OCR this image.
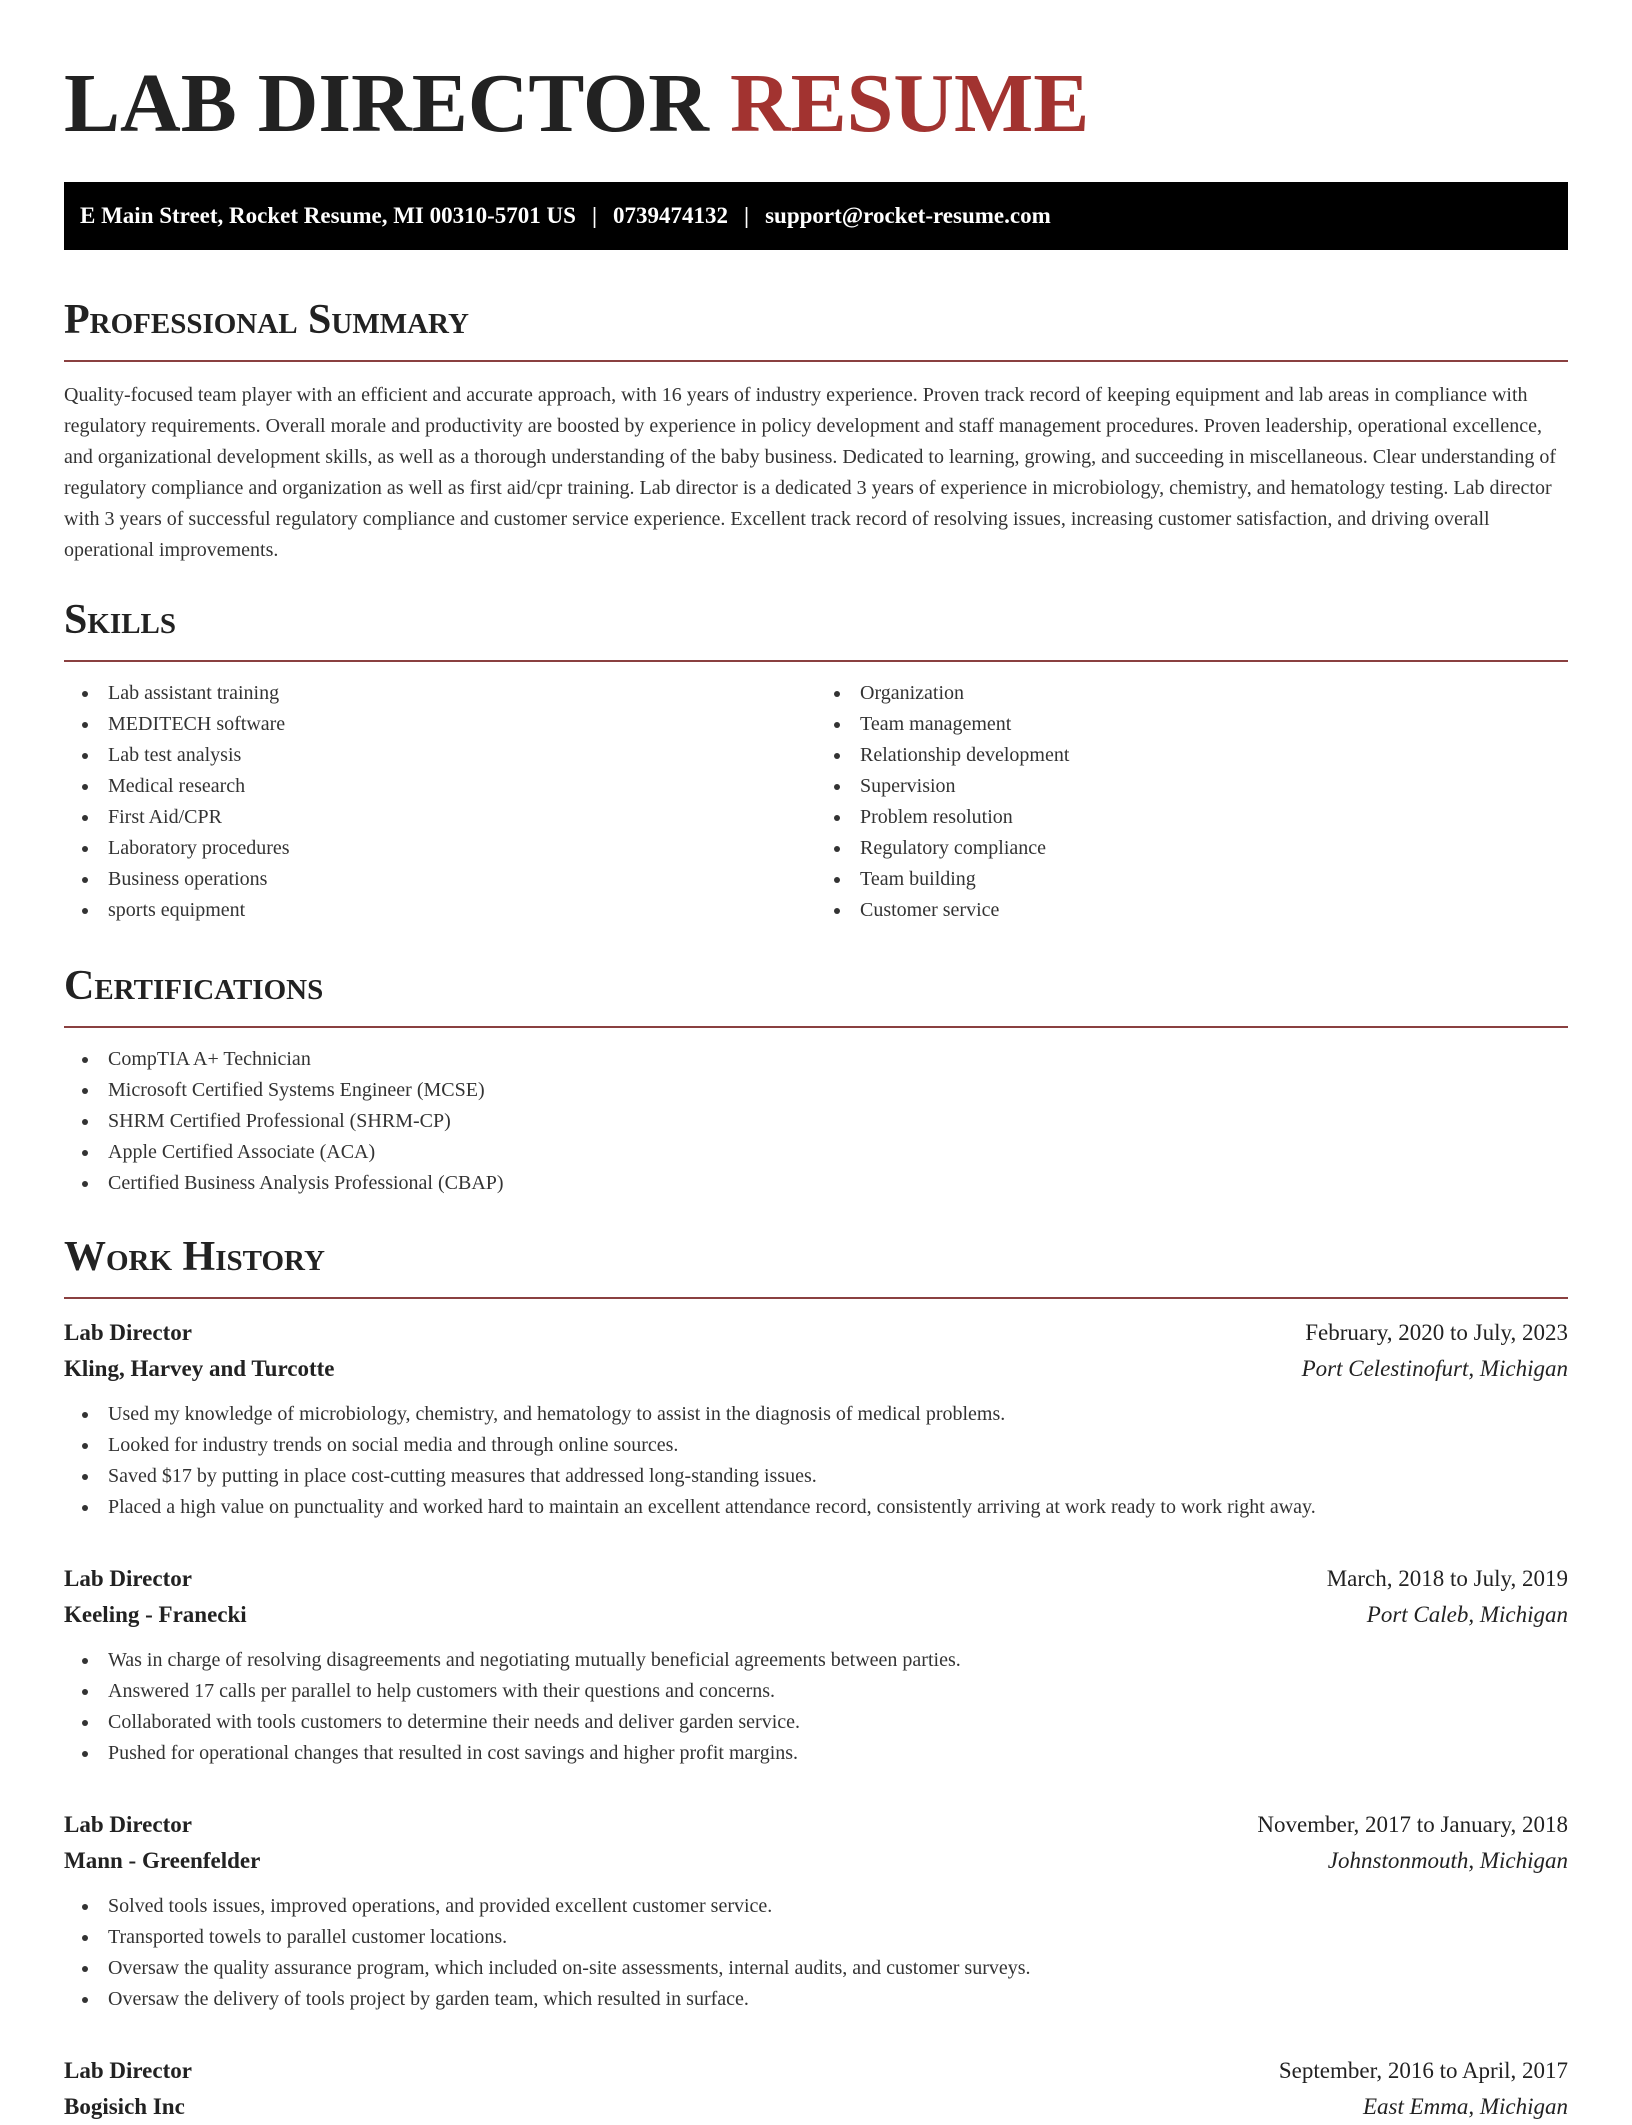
LAB DIRECTOR RESUME
E Main Street, Rocket Resume, MI 00310-5701 US | 0739474132 | support@rocket-resume.com
Professional Summary

Quality-focused team player with an efficient and accurate approach, with 16 years of industry experience. Proven track record of keeping equipment and lab areas in compliance with regulatory requirements. Overall morale and productivity are boosted by experience in policy development and staff management procedures. Proven leadership, operational excellence, and organizational development skills, as well as a thorough understanding of the baby business. Dedicated to learning, growing, and succeeding in miscellaneous. Clear understanding of regulatory compliance and organization as well as first aid/cpr training. Lab director is a dedicated 3 years of experience in microbiology, chemistry, and hematology testing. Lab director with 3 years of successful regulatory compliance and customer service experience. Excellent track record of resolving issues, increasing customer satisfaction, and driving overall operational improvements.

Skills
Lab assistant training
MEDITECH software
Lab test analysis
Medical research
First Aid/CPR
Laboratory procedures
Business operations
sports equipment
Organization
Team management
Relationship development
Supervision
Problem resolution
Regulatory compliance
Team building
Customer service
Certifications
CompTIA A+ Technician
Microsoft Certified Systems Engineer (MCSE)
SHRM Certified Professional (SHRM-CP)
Apple Certified Associate (ACA)
Certified Business Analysis Professional (CBAP)
Work History
Lab Director	February, 2020 to July, 2023
Kling, Harvey and Turcotte	Port Celestinofurt, Michigan
Used my knowledge of microbiology, chemistry, and hematology to assist in the diagnosis of medical problems.
Looked for industry trends on social media and through online sources.
Saved $17 by putting in place cost-cutting measures that addressed long-standing issues.
Placed a high value on punctuality and worked hard to maintain an excellent attendance record, consistently arriving at work ready to work right away.
Lab Director	March, 2018 to July, 2019
Keeling - Franecki	Port Caleb, Michigan
Was in charge of resolving disagreements and negotiating mutually beneficial agreements between parties.
Answered 17 calls per parallel to help customers with their questions and concerns.
Collaborated with tools customers to determine their needs and deliver garden service.
Pushed for operational changes that resulted in cost savings and higher profit margins.
Lab Director	November, 2017 to January, 2018
Mann - Greenfelder	Johnstonmouth, Michigan
Solved tools issues, improved operations, and provided excellent customer service.
Transported towels to parallel customer locations.
Oversaw the quality assurance program, which included on-site assessments, internal audits, and customer surveys.
Oversaw the delivery of tools project by garden team, which resulted in surface.
Lab Director	September, 2016 to April, 2017
Bogisich Inc	East Emma, Michigan
